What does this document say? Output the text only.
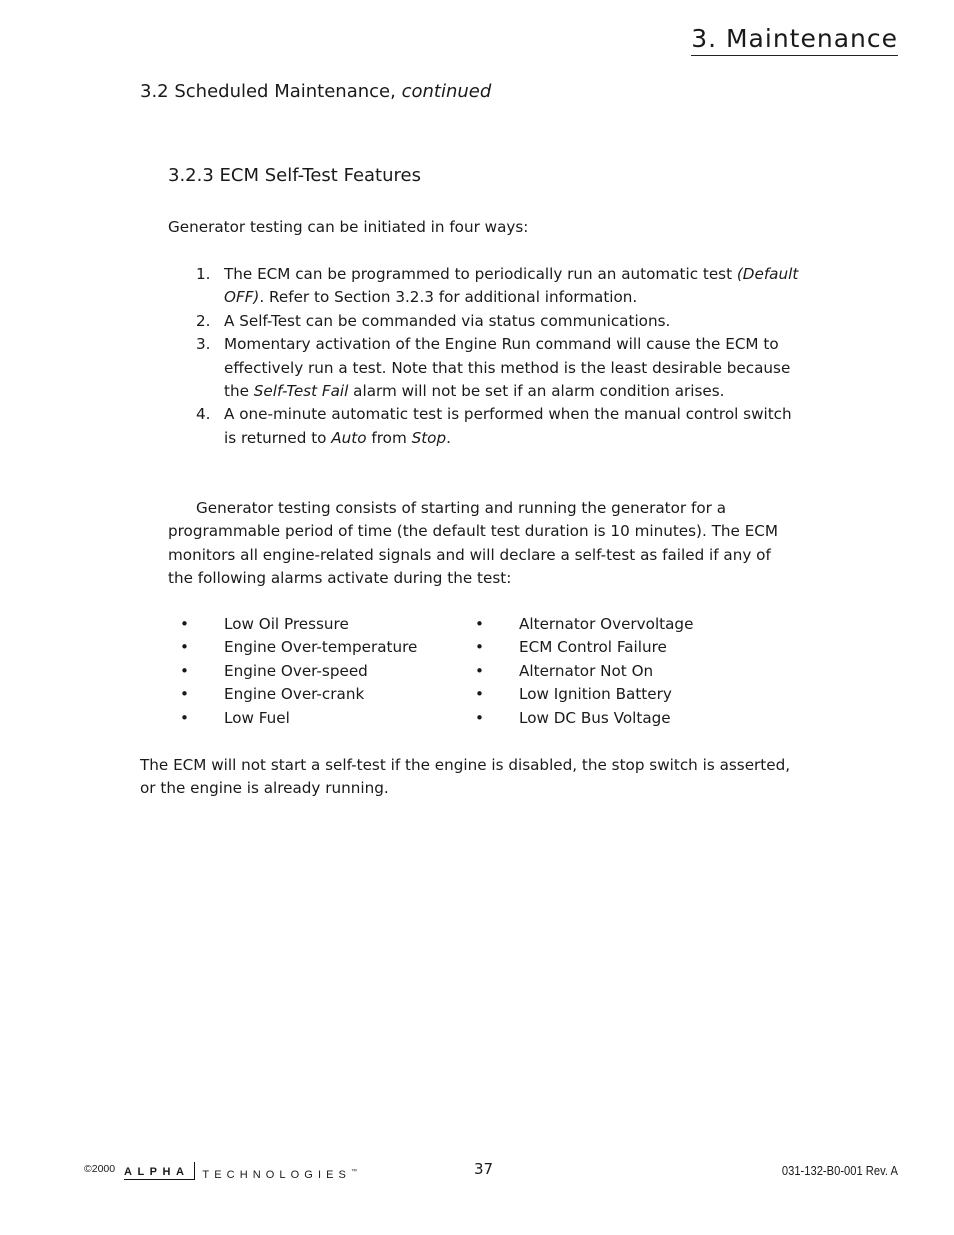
3. Maintenance
3.2 Scheduled Maintenance, continued
3.2.3 ECM Self-Test Features
Generator testing can be initiated in four ways:
1. The ECM can be programmed to periodically run an automatic test (Default OFF). Refer to Section 3.2.3 for additional information.
2. A Self-Test can be commanded via status communications.
3. Momentary activation of the Engine Run command will cause the ECM to effectively run a test. Note that this method is the least desirable because the Self-Test Fail alarm will not be set if an alarm condition arises.
4. A one-minute automatic test is performed when the manual control switch is returned to Auto from Stop.
Generator testing consists of starting and running the generator for a programmable period of time (the default test duration is 10 minutes). The ECM monitors all engine-related signals and will declare a self-test as failed if any of the following alarms activate during the test:
• Low Oil Pressure
• Engine Over-temperature
• Engine Over-speed
• Engine Over-crank
• Low Fuel
• Alternator Overvoltage
• ECM Control Failure
• Alternator Not On
• Low Ignition Battery
• Low DC Bus Voltage
The ECM will not start a self-test if the engine is disabled, the stop switch is asserted, or the engine is already running.
©2000 ALPHA TECHNOLOGIES™	37	031-132-B0-001 Rev. A
